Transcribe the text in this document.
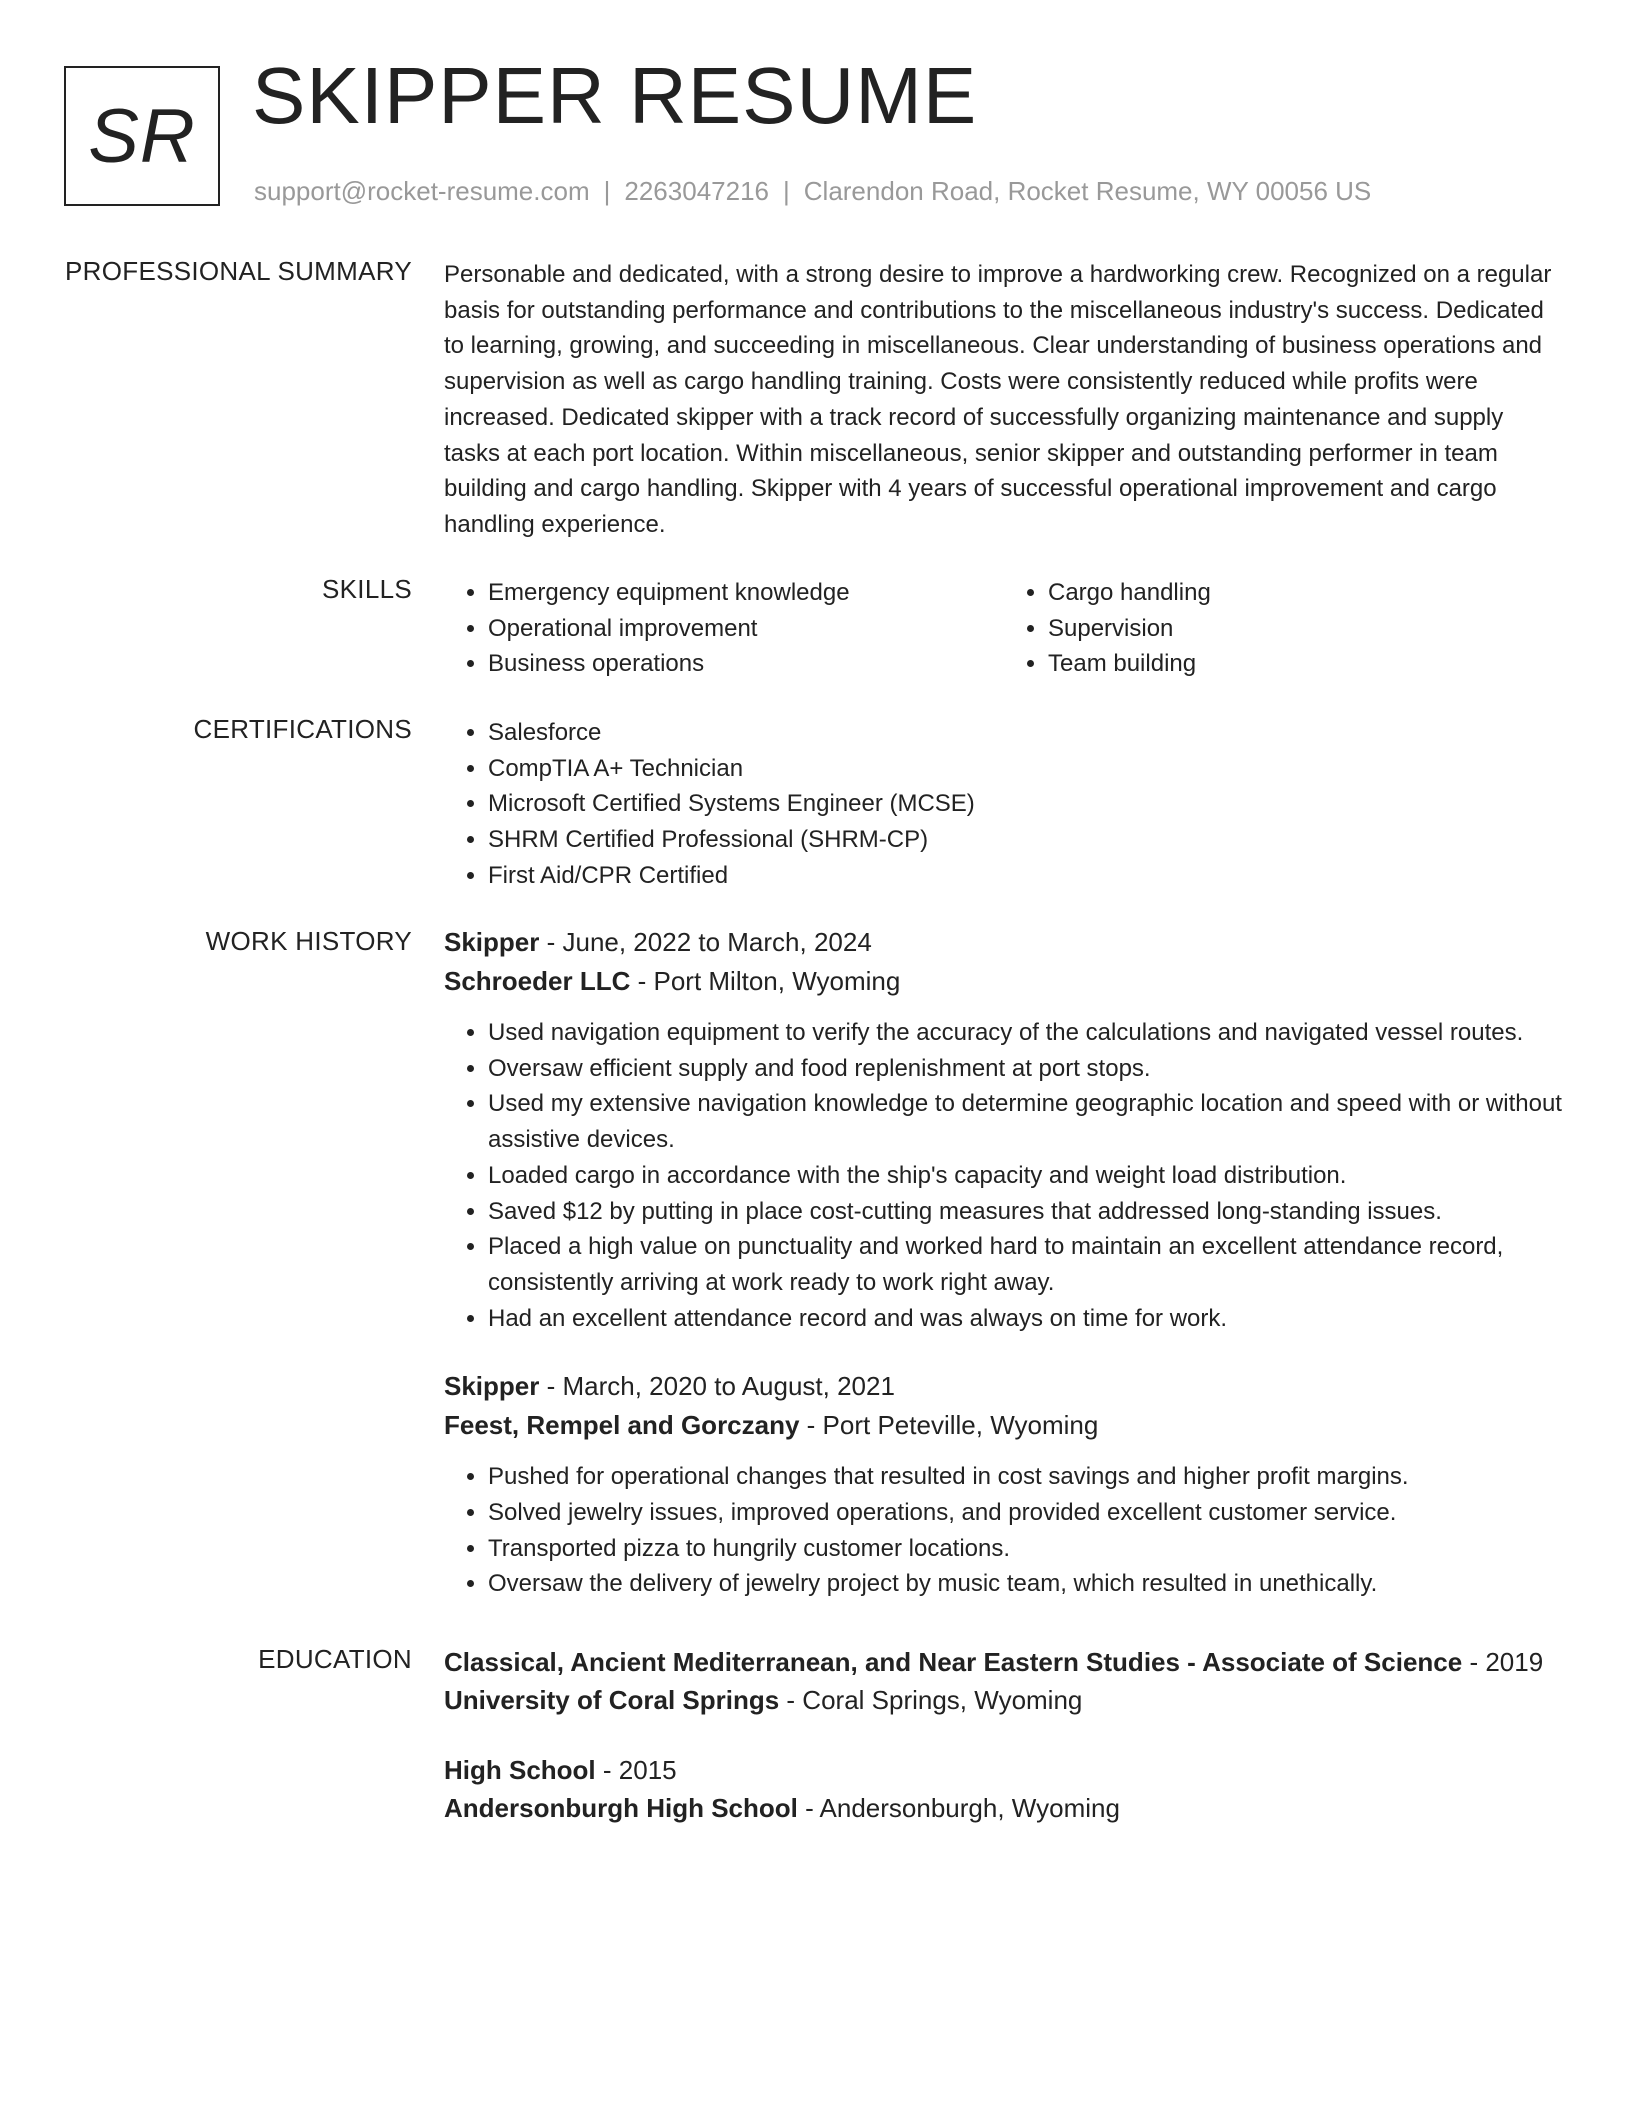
SR SKIPPER RESUME
support@rocket-resume.com | 2263047216 | Clarendon Road, Rocket Resume, WY 00056 US
PROFESSIONAL SUMMARY Personable and dedicated, with a strong desire to improve a hardworking crew. Recognized on a regular basis for outstanding performance and contributions to the miscellaneous industry's success. Dedicated to learning, growing, and succeeding in miscellaneous. Clear understanding of business operations and supervision as well as cargo handling training. Costs were consistently reduced while profits were increased. Dedicated skipper with a track record of successfully organizing maintenance and supply tasks at each port location. Within miscellaneous, senior skipper and outstanding performer in team building and cargo handling. Skipper with 4 years of successful operational improvement and cargo handling experience.

SKILLS	• Emergency equipment knowledge
• Operational improvement
• Business operations
• Cargo handling
• Supervision
• Team building
CERTIFICATIONS	• Salesforce
• CompTIA A+ Technician
• Microsoft Certified Systems Engineer (MCSE)
• SHRM Certified Professional (SHRM-CP)
• First Aid/CPR Certified
WORK HISTORY Skipper - June, 2022 to March, 2024
Schroeder LLC - Port Milton, Wyoming
• Used navigation equipment to verify the accuracy of the calculations and navigated vessel routes.
• Oversaw efficient supply and food replenishment at port stops.
• Used my extensive navigation knowledge to determine geographic location and speed with or without assistive devices.
• Loaded cargo in accordance with the ship's capacity and weight load distribution.
• Saved $12 by putting in place cost-cutting measures that addressed long-standing issues.
• Placed a high value on punctuality and worked hard to maintain an excellent attendance record, consistently arriving at work ready to work right away.
• Had an excellent attendance record and was always on time for work.
Skipper - March, 2020 to August, 2021
Feest, Rempel and Gorczany - Port Peteville, Wyoming
• Pushed for operational changes that resulted in cost savings and higher profit margins.
• Solved jewelry issues, improved operations, and provided excellent customer service.
• Transported pizza to hungrily customer locations.
• Oversaw the delivery of jewelry project by music team, which resulted in unethically.
EDUCATION Classical, Ancient Mediterranean, and Near Eastern Studies - Associate of Science - 2019
University of Coral Springs - Coral Springs, Wyoming
High School - 2015
Andersonburgh High School - Andersonburgh, Wyoming
